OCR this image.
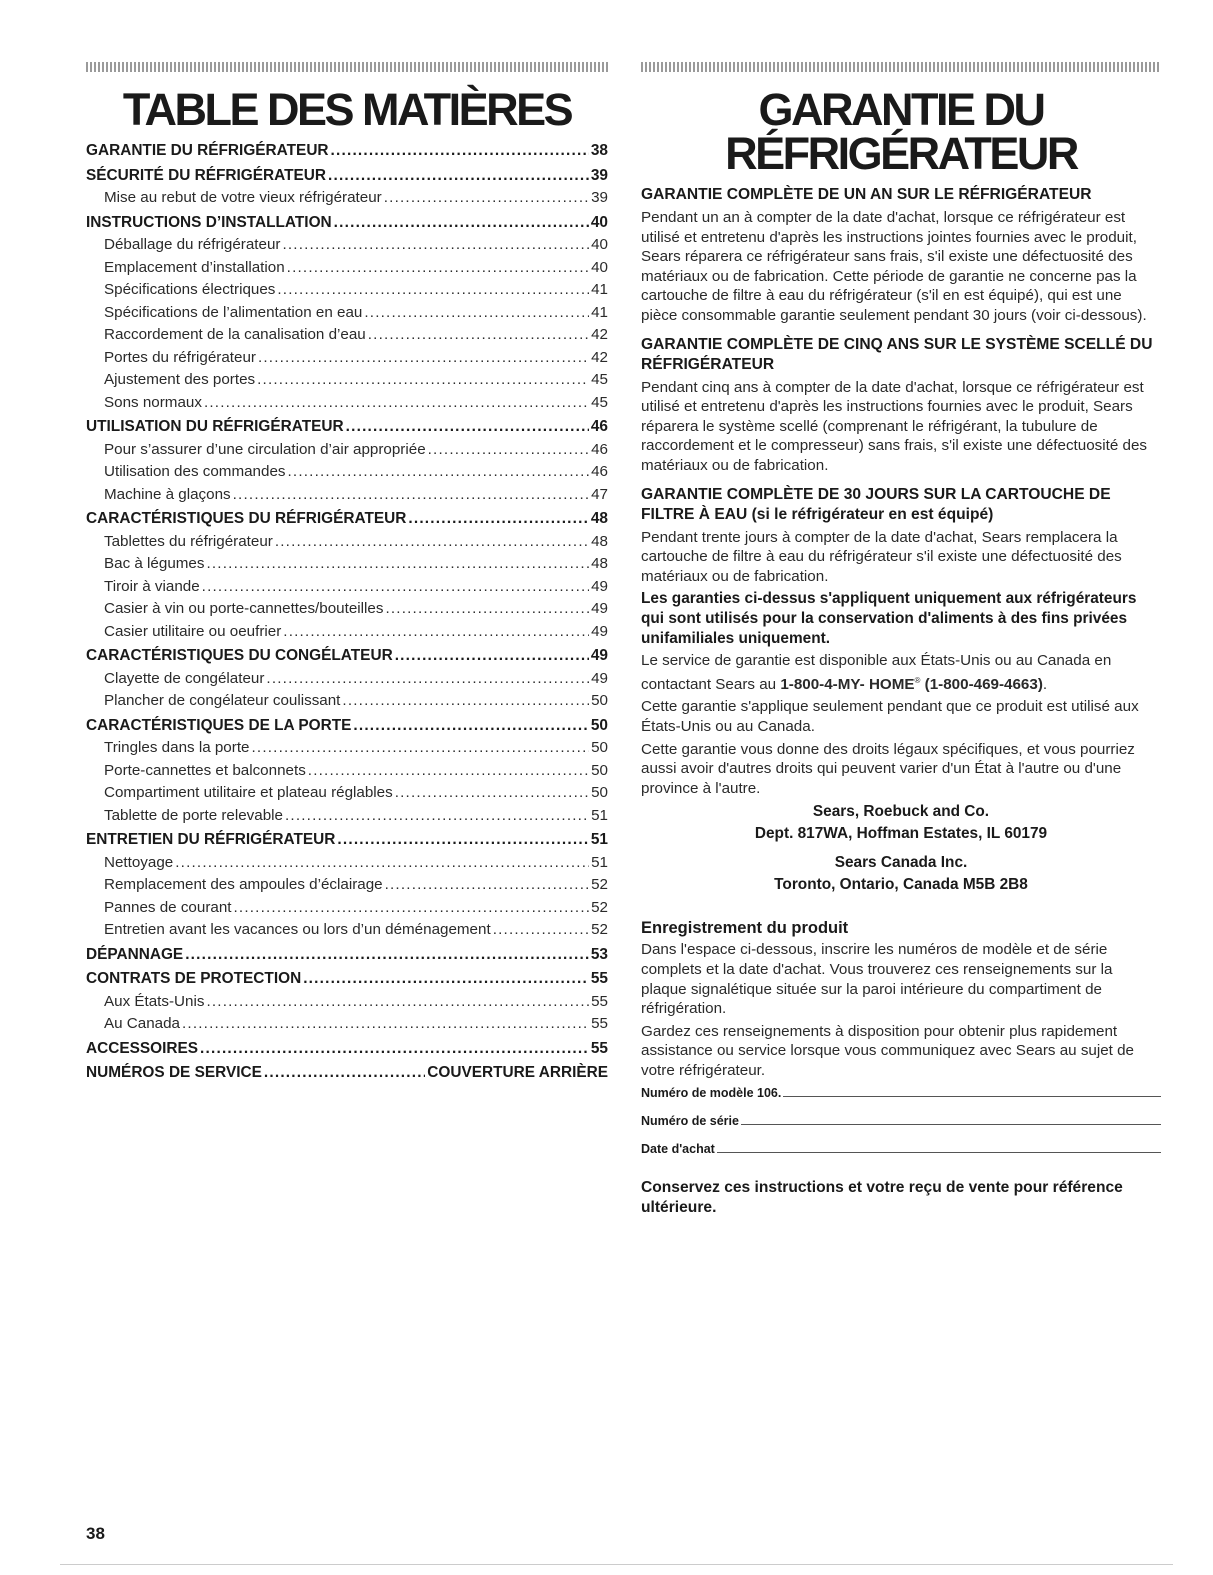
TABLE DES MATIÈRES
GARANTIE DU RÉFRIGÉRATEUR .....	38
SÉCURITÉ DU RÉFRIGÉRATEUR .....	39
Mise au rebut de votre vieux réfrigérateur .....	39
INSTRUCTIONS D’INSTALLATION .....	40
Déballage du réfrigérateur .....	40
Emplacement d’installation .....	40
Spécifications électriques .....	41
Spécifications de l’alimentation en eau .....	41
Raccordement de la canalisation d’eau .....	42
Portes du réfrigérateur .....	42
Ajustement des portes .....	45
Sons normaux .....	45
UTILISATION DU RÉFRIGÉRATEUR .....	46
Pour s’assurer d’une circulation d’air appropriée .....	46
Utilisation des commandes .....	46
Machine à glaçons .....	47
CARACTÉRISTIQUES DU RÉFRIGÉRATEUR .....	48
Tablettes du réfrigérateur .....	48
Bac à légumes .....	48
Tiroir à viande .....	49
Casier à vin ou porte-cannettes/bouteilles .....	49
Casier utilitaire ou oeufrier .....	49
CARACTÉRISTIQUES DU CONGÉLATEUR .....	49
Clayette de congélateur .....	49
Plancher de congélateur coulissant .....	50
CARACTÉRISTIQUES DE LA PORTE .....	50
Tringles dans la porte .....	50
Porte-cannettes et balconnets .....	50
Compartiment utilitaire et plateau réglables .....	50
Tablette de porte relevable .....	51
ENTRETIEN DU RÉFRIGÉRATEUR .....	51
Nettoyage .....	51
Remplacement des ampoules d’éclairage .....	52
Pannes de courant .....	52
Entretien avant les vacances ou lors d’un déménagement .....	52
DÉPANNAGE .....	53
CONTRATS DE PROTECTION .....	55
Aux États-Unis .....	55
Au Canada .....	55
ACCESSOIRES .....	55
NUMÉROS DE SERVICE .....	COUVERTURE ARRIÈRE
GARANTIE DU
RÉFRIGÉRATEUR
GARANTIE COMPLÈTE DE UN AN SUR LE RÉFRIGÉRATEUR

Pendant un an à compter de la date d'achat, lorsque ce réfrigérateur est utilisé et entretenu d'après les instructions jointes fournies avec le produit, Sears réparera ce réfrigérateur sans frais, s'il existe une défectuosité des matériaux ou de fabrication. Cette période de garantie ne concerne pas la cartouche de filtre à eau du réfrigérateur (s'il en est équipé), qui est une pièce consommable garantie seulement pendant 30 jours (voir ci-dessous).

GARANTIE COMPLÈTE DE CINQ ANS SUR LE SYSTÈME SCELLÉ DU RÉFRIGÉRATEUR

Pendant cinq ans à compter de la date d'achat, lorsque ce réfrigérateur est utilisé et entretenu d'après les instructions fournies avec le produit, Sears réparera le système scellé (comprenant le réfrigérant, la tubulure de raccordement et le compresseur) sans frais, s'il existe une défectuosité des matériaux ou de fabrication.

GARANTIE COMPLÈTE DE 30 JOURS SUR LA CARTOUCHE DE FILTRE À EAU (si le réfrigérateur en est équipé)

Pendant trente jours à compter de la date d'achat, Sears remplacera la cartouche de filtre à eau du réfrigérateur s'il existe une défectuosité des matériaux ou de fabrication.

Les garanties ci-dessus s'appliquent uniquement aux réfrigérateurs qui sont utilisés pour la conservation d'aliments à des fins privées unifamiliales uniquement.

Le service de garantie est disponible aux États-Unis ou au Canada en contactant Sears au 1-800-4-MY- HOME® (1-800-469-4663).

Cette garantie s'applique seulement pendant que ce produit est utilisé aux États-Unis ou au Canada.

Cette garantie vous donne des droits légaux spécifiques, et vous pourriez aussi avoir d'autres droits qui peuvent varier d'un État à l'autre ou d'une province à l'autre.

Sears, Roebuck and Co.
Dept. 817WA, Hoffman Estates, IL 60179
Sears Canada Inc.
Toronto, Ontario, Canada M5B 2B8
Enregistrement du produit

Dans l'espace ci-dessous, inscrire les numéros de modèle et de série complets et la date d'achat. Vous trouverez ces renseignements sur la plaque signalétique située sur la paroi intérieure du compartiment de réfrigération.

Gardez ces renseignements à disposition pour obtenir plus rapidement assistance ou service lorsque vous communiquez avec Sears au sujet de votre réfrigérateur.

Numéro de modèle 106.
Numéro de série
Date d'achat
Conservez ces instructions et votre reçu de vente pour référence ultérieure.
38
